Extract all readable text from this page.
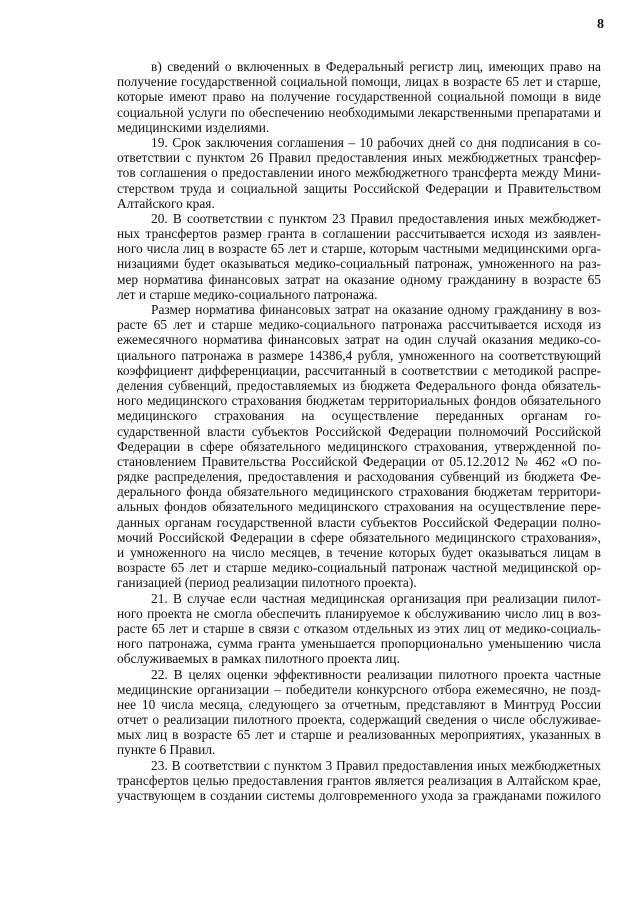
8
в) сведений о включенных в Федеральный регистр лиц, имеющих право на
получение государственной социальной помощи, лицах в возрасте 65 лет и старше,
которые имеют право на получение государственной социальной помощи в виде
социальной услуги по обеспечению необходимыми лекарственными препаратами и
медицинскими изделиями.
19. Срок заключения соглашения – 10 рабочих дней со дня подписания в со-
ответствии с пунктом 26 Правил предоставления иных межбюджетных трансфер-
тов соглашения о предоставлении иного межбюджетного трансферта между Мини-
стерством труда и социальной защиты Российской Федерации и Правительством
Алтайского края.
20. В соответствии с пунктом 23 Правил предоставления иных межбюджет-
ных трансфертов размер гранта в соглашении рассчитывается исходя из заявлен-
ного числа лиц в возрасте 65 лет и старше, которым частными медицинскими орга-
низациями будет оказываться медико-социальный патронаж, умноженного на раз-
мер норматива финансовых затрат на оказание одному гражданину в возрасте 65
лет и старше медико-социального патронажа.
Размер норматива финансовых затрат на оказание одному гражданину в воз-
расте 65 лет и старше медико-социального патронажа рассчитывается исходя из
ежемесячного норматива финансовых затрат на один случай оказания медико-со-
циального патронажа в размере 14386,4 рубля, умноженного на соответствующий
коэффициент дифференциации, рассчитанный в соответствии с методикой распре-
деления субвенций, предоставляемых из бюджета Федерального фонда обязатель-
ного медицинского страхования бюджетам территориальных фондов обязательного
медицинского страхования на осуществление переданных органам го-
сударственной власти субъектов Российской Федерации полномочий Российской
Федерации в сфере обязательного медицинского страхования, утвержденной по-
становлением Правительства Российской Федерации от 05.12.2012 № 462 «О по-
рядке распределения, предоставления и расходования субвенций из бюджета Фе-
дерального фонда обязательного медицинского страхования бюджетам территори-
альных фондов обязательного медицинского страхования на осуществление пере-
данных органам государственной власти субъектов Российской Федерации полно-
мочий Российской Федерации в сфере обязательного медицинского страхования»,
и умноженного на число месяцев, в течение которых будет оказываться лицам в
возрасте 65 лет и старше медико-социальный патронаж частной медицинской ор-
ганизацией (период реализации пилотного проекта).
21. В случае если частная медицинская организация при реализации пилот-
ного проекта не смогла обеспечить планируемое к обслуживанию число лиц в воз-
расте 65 лет и старше в связи с отказом отдельных из этих лиц от медико-социаль-
ного патронажа, сумма гранта уменьшается пропорционально уменьшению числа
обслуживаемых в рамках пилотного проекта лиц.
22. В целях оценки эффективности реализации пилотного проекта частные
медицинские организации – победители конкурсного отбора ежемесячно, не позд-
нее 10 числа месяца, следующего за отчетным, представляют в Минтруд России
отчет о реализации пилотного проекта, содержащий сведения о числе обслуживае-
мых лиц в возрасте 65 лет и старше и реализованных мероприятиях, указанных в
пункте 6 Правил.
23. В соответствии с пунктом 3 Правил предоставления иных межбюджетных
трансфертов целью предоставления грантов является реализация в Алтайском крае,
участвующем в создании системы долговременного ухода за гражданами пожилого
